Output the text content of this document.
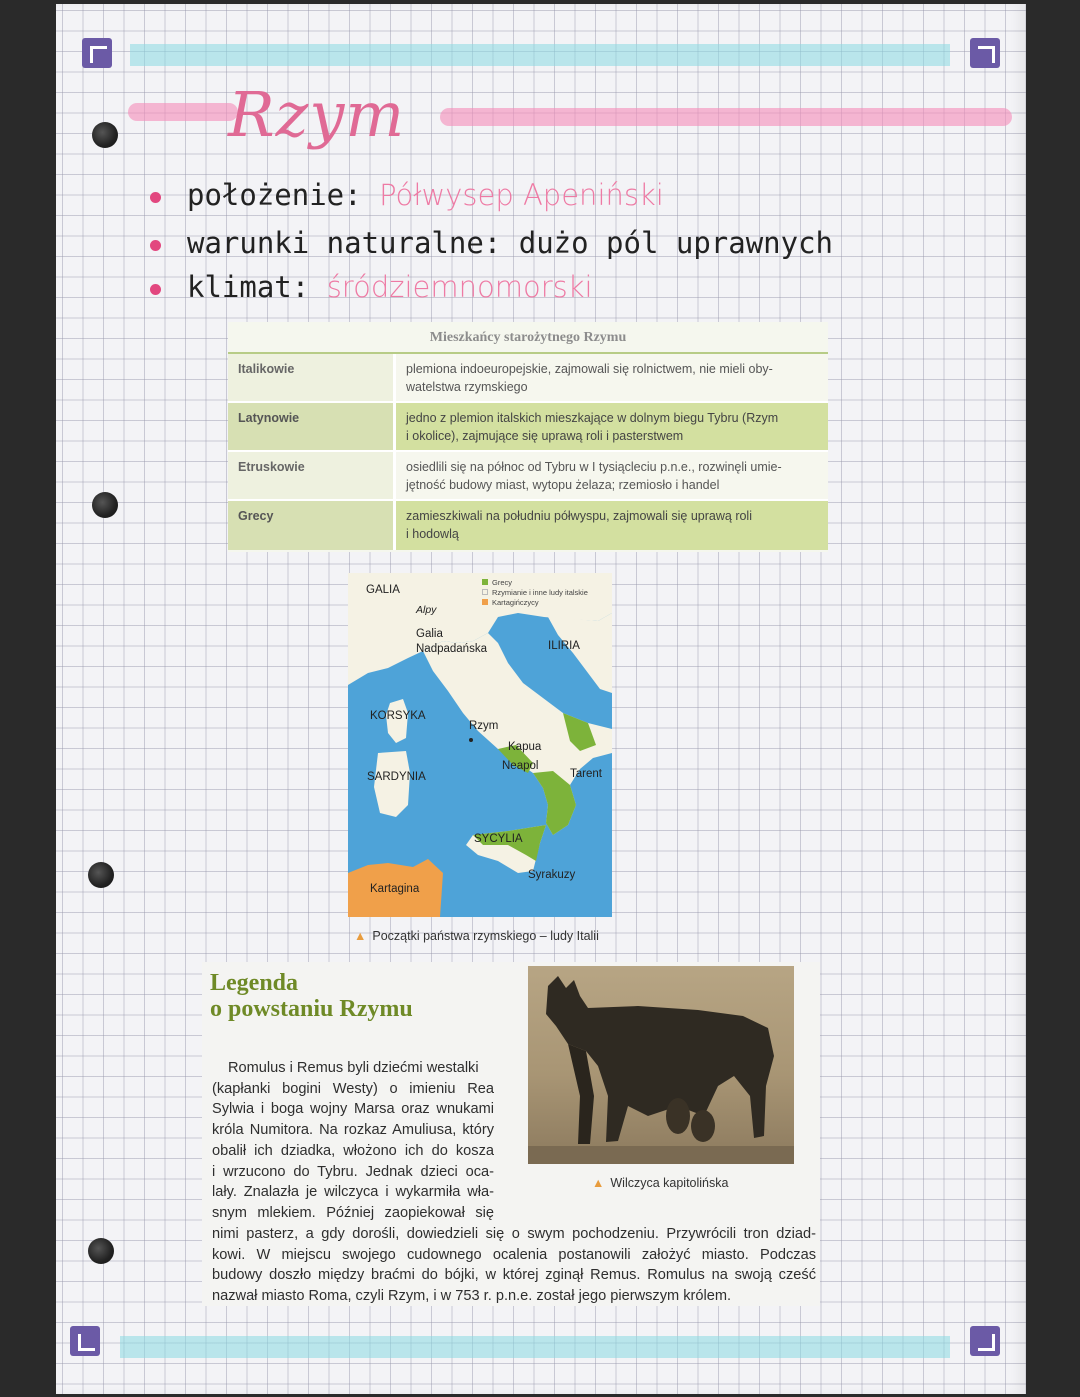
Rzym
położenie: Półwysep Apeniński
warunki naturalne: dużo pól uprawnych
klimat: śródziemnomorski
Mieszkańcy starożytnego Rzymu
Italikowie	plemiona indoeuropejskie, zajmowali się rolnictwem, nie mieli oby-
watelstwa rzymskiego
Latynowie	jedno z plemion italskich mieszkające w dolnym biegu Tybru (Rzym
i okolice), zajmujące się uprawą roli i pasterstwem
Etruskowie	osiedlili się na północ od Tybru w I tysiącleciu p.n.e., rozwinęli umie-
jętność budowy miast, wytopu żelaza; rzemiosło i handel
Grecy	zamieszkiwali na południu półwyspu, zajmowali się uprawą roli
i hodowlą
Grecy
Rzymianie i inne ludy italskie
Kartagińczycy
GALIA
Alpy
Galia
Nadpadańska	ILIRIA
KORSYKA
Rzym
Kapua
Neapol
Tarent
SARDYNIA
SYCYLIA
Syrakuzy
Kartagina
▲ Początki państwa rzymskiego – ludy Italii
Legenda
o powstaniu Rzymu
Romulus i Remus byli dziećmi westalki
(kapłanki bogini Westy) o imieniu Rea
Sylwia i boga wojny Marsa oraz wnukami
króla Numitora. Na rozkaz Amuliusa, który
obalił ich dziadka, włożono ich do kosza
i wrzucono do Tybru. Jednak dzieci oca-
lały. Znalazła je wilczyca i wykarmiła wła-
snym mlekiem. Później zaopiekował się
nimi pasterz, a gdy dorośli, dowiedzieli się o swym pochodzeniu. Przywrócili tron dziad-
kowi. W miejscu swojego cudownego ocalenia postanowili założyć miasto. Podczas
budowy doszło między braćmi do bójki, w której zginął Remus. Romulus na swoją cześć
nazwał miasto Roma, czyli Rzym, i w 753 r. p.n.e. został jego pierwszym królem.
▲ Wilczyca kapitolińska
